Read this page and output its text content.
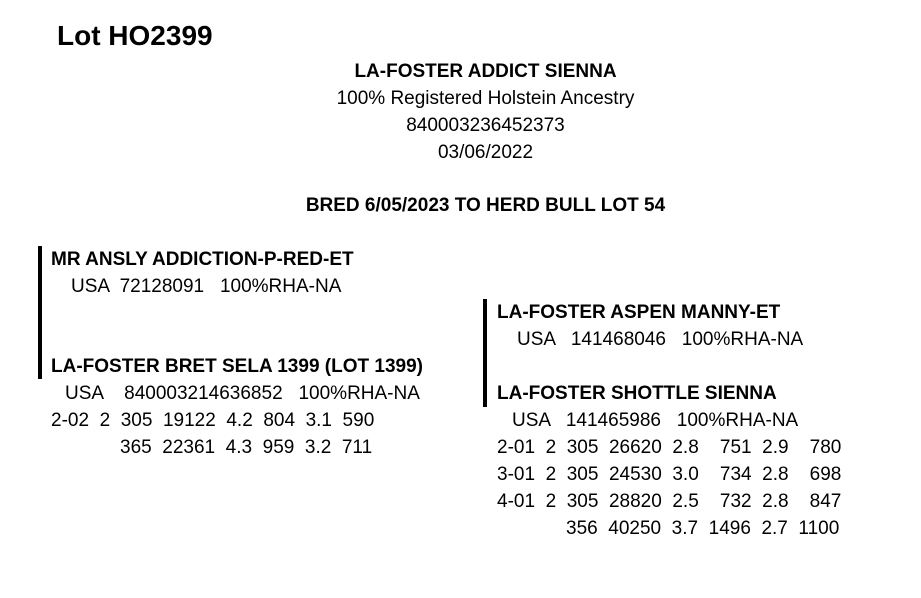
Lot HO2399
LA-FOSTER ADDICT SIENNA
100% Registered Holstein Ancestry
840003236452373
03/06/2022
BRED 6/05/2023 TO HERD BULL LOT 54
MR ANSLY ADDICTION-P-RED-ET
USA  72128091   100%RHA-NA
LA-FOSTER BRET SELA 1399 (LOT 1399)
USA    840003214636852   100%RHA-NA
2-02  2  305  19122  4.2  804  3.1  590
365  22361  4.3  959  3.2  711
LA-FOSTER ASPEN MANNY-ET
USA   141468046   100%RHA-NA
LA-FOSTER SHOTTLE SIENNA
USA   141465986   100%RHA-NA
2-01  2  305  26620  2.8    751  2.9    780
3-01  2  305  24530  3.0    734  2.8    698
4-01  2  305  28820  2.5    732  2.8    847
356  40250  3.7  1496  2.7  1100
